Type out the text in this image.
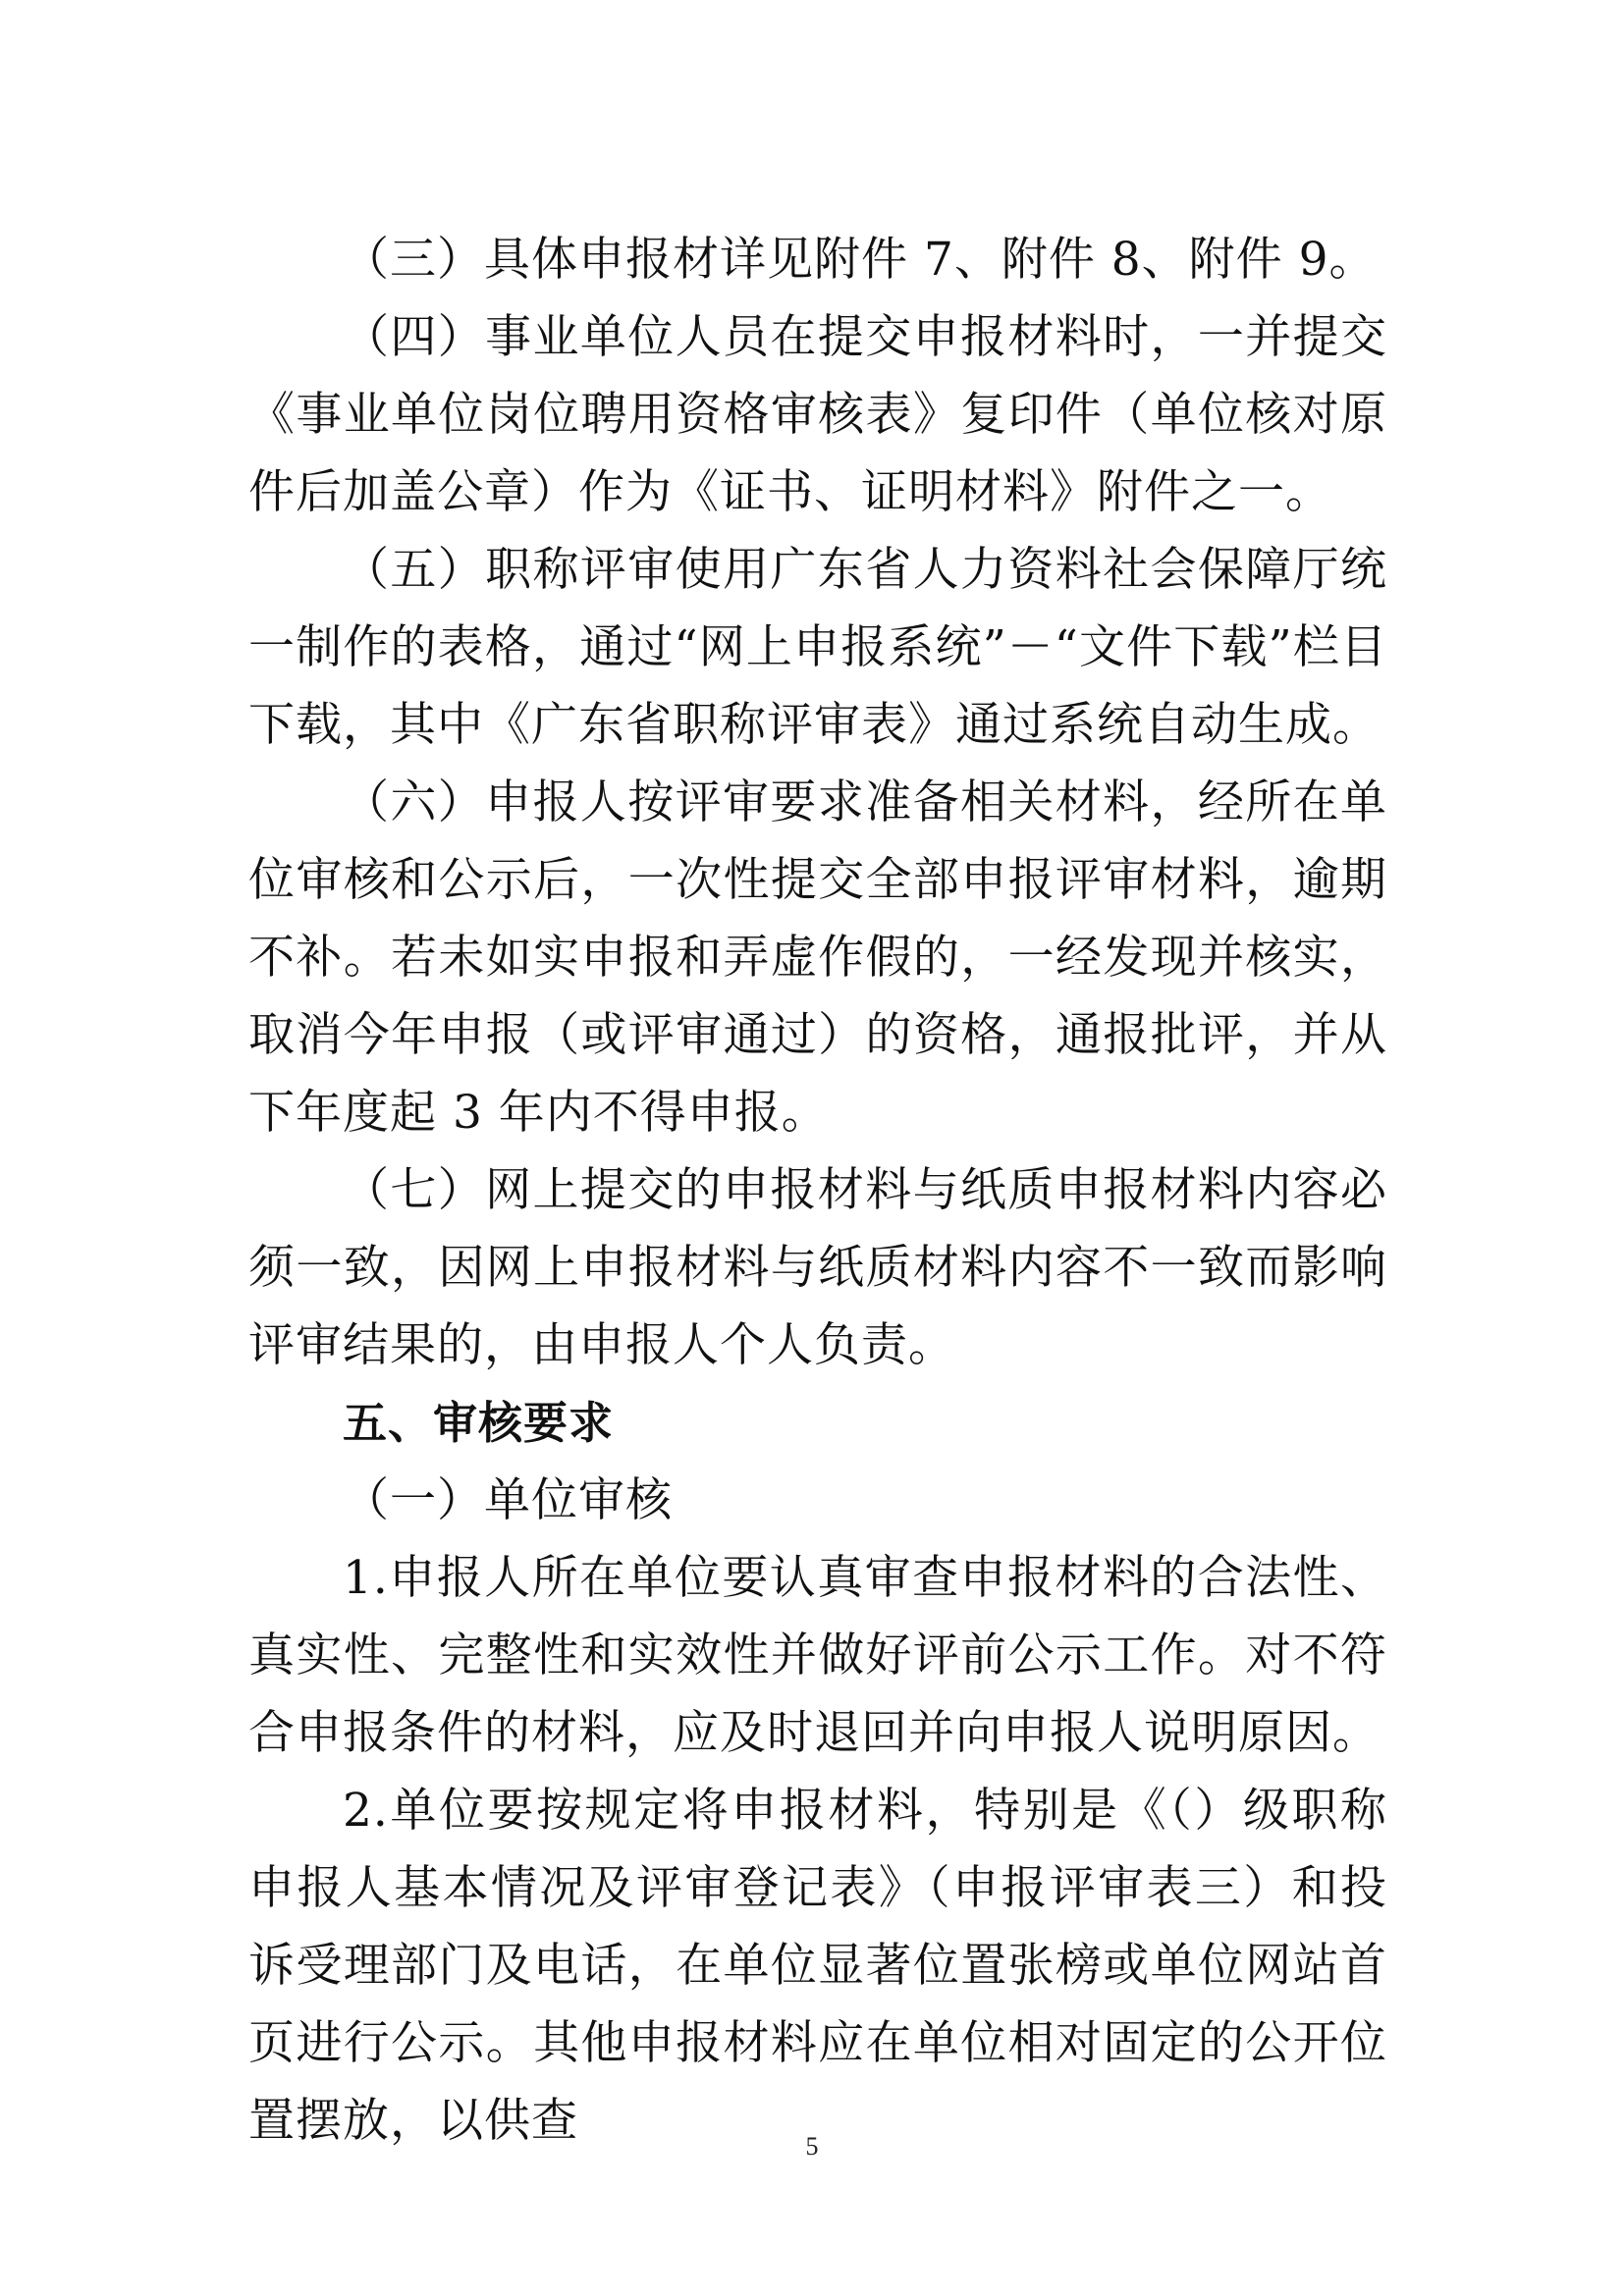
（三）具体申报材详见附件 7、附件 8、附件 9。

（四）事业单位人员在提交申报材料时，一并提交《事业单位岗位聘用资格审核表》复印件（单位核对原件后加盖公章）作为《证书、证明材料》附件之一。

（五）职称评审使用广东省人力资料社会保障厅统一制作的表格，通过“网上申报系统”－“文件下载”栏目下载，其中《广东省职称评审表》通过系统自动生成。

（六）申报人按评审要求准备相关材料，经所在单位审核和公示后，一次性提交全部申报评审材料，逾期不补。若未如实申报和弄虚作假的，一经发现并核实，取消今年申报（或评审通过）的资格，通报批评，并从下年度起 3 年内不得申报。

（七）网上提交的申报材料与纸质申报材料内容必须一致，因网上申报材料与纸质材料内容不一致而影响评审结果的，由申报人个人负责。

五、审核要求

（一）单位审核

1.申报人所在单位要认真审查申报材料的合法性、真实性、完整性和实效性并做好评前公示工作。对不符合申报条件的材料，应及时退回并向申报人说明原因。

2.单位要按规定将申报材料，特别是《（）级职称申报人基本情况及评审登记表》（申报评审表三）和投诉受理部门及电话，在单位显著位置张榜或单位网站首页进行公示。其他申报材料应在单位相对固定的公开位置摆放，以供查	5
